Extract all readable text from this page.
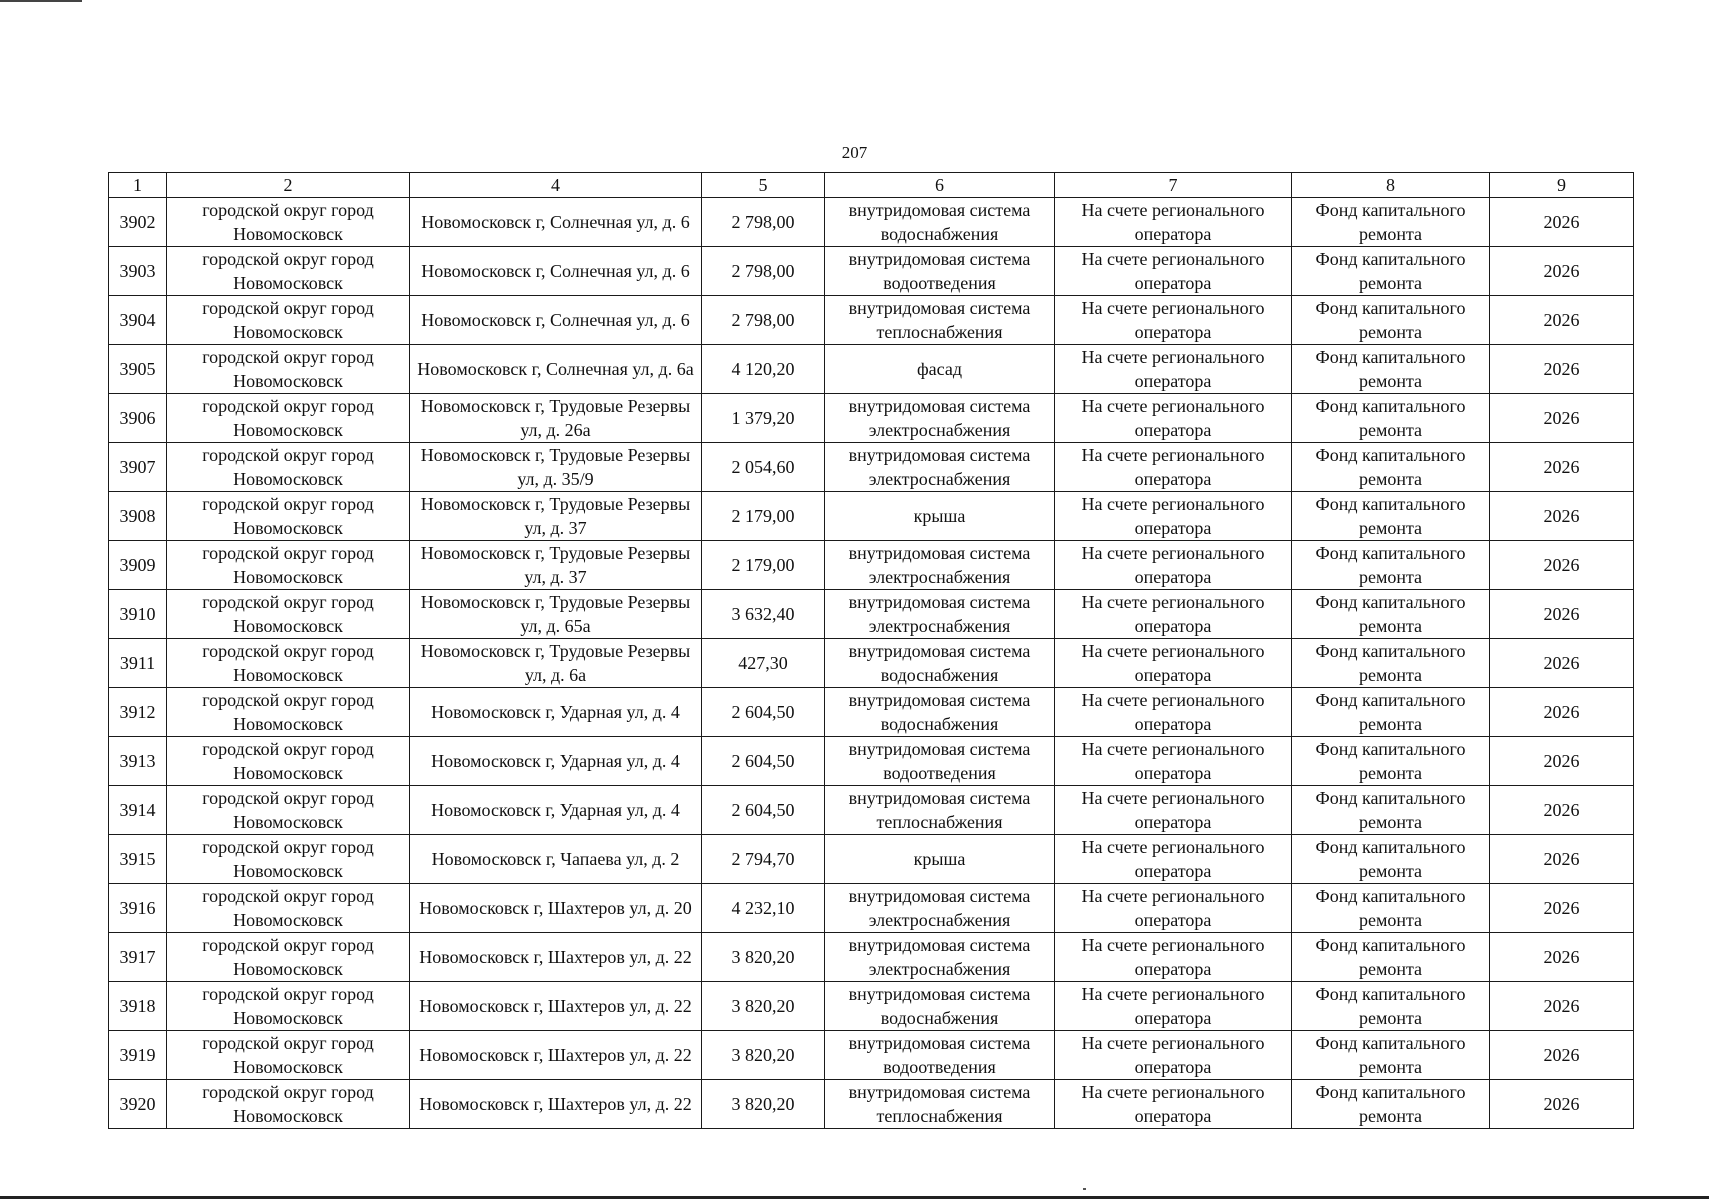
207
1	2	4	5	6	7	8	9
3902	городской округ город Новомосковск	Новомосковск г, Солнечная ул, д. 6	2 798,00	внутридомовая система водоснабжения	На счете регионального оператора	Фонд капитального ремонта	2026
3903	городской округ город Новомосковск	Новомосковск г, Солнечная ул, д. 6	2 798,00	внутридомовая система водоотведения	На счете регионального оператора	Фонд капитального ремонта	2026
3904	городской округ город Новомосковск	Новомосковск г, Солнечная ул, д. 6	2 798,00	внутридомовая система теплоснабжения	На счете регионального оператора	Фонд капитального ремонта	2026
3905	городской округ город Новомосковск	Новомосковск г, Солнечная ул, д. 6а	4 120,20	фасад	На счете регионального оператора	Фонд капитального ремонта	2026
3906	городской округ город Новомосковск	Новомосковск г, Трудовые Резервы ул, д. 26а	1 379,20	внутридомовая система электроснабжения	На счете регионального оператора	Фонд капитального ремонта	2026
3907	городской округ город Новомосковск	Новомосковск г, Трудовые Резервы ул, д. 35/9	2 054,60	внутридомовая система электроснабжения	На счете регионального оператора	Фонд капитального ремонта	2026
3908	городской округ город Новомосковск	Новомосковск г, Трудовые Резервы ул, д. 37	2 179,00	крыша	На счете регионального оператора	Фонд капитального ремонта	2026
3909	городской округ город Новомосковск	Новомосковск г, Трудовые Резервы ул, д. 37	2 179,00	внутридомовая система электроснабжения	На счете регионального оператора	Фонд капитального ремонта	2026
3910	городской округ город Новомосковск	Новомосковск г, Трудовые Резервы ул, д. 65а	3 632,40	внутридомовая система электроснабжения	На счете регионального оператора	Фонд капитального ремонта	2026
3911	городской округ город Новомосковск	Новомосковск г, Трудовые Резервы ул, д. 6а	427,30	внутридомовая система водоснабжения	На счете регионального оператора	Фонд капитального ремонта	2026
3912	городской округ город Новомосковск	Новомосковск г, Ударная ул, д. 4	2 604,50	внутридомовая система водоснабжения	На счете регионального оператора	Фонд капитального ремонта	2026
3913	городской округ город Новомосковск	Новомосковск г, Ударная ул, д. 4	2 604,50	внутридомовая система водоотведения	На счете регионального оператора	Фонд капитального ремонта	2026
3914	городской округ город Новомосковск	Новомосковск г, Ударная ул, д. 4	2 604,50	внутридомовая система теплоснабжения	На счете регионального оператора	Фонд капитального ремонта	2026
3915	городской округ город Новомосковск	Новомосковск г, Чапаева ул, д. 2	2 794,70	крыша	На счете регионального оператора	Фонд капитального ремонта	2026
3916	городской округ город Новомосковск	Новомосковск г, Шахтеров ул, д. 20	4 232,10	внутридомовая система электроснабжения	На счете регионального оператора	Фонд капитального ремонта	2026
3917	городской округ город Новомосковск	Новомосковск г, Шахтеров ул, д. 22	3 820,20	внутридомовая система электроснабжения	На счете регионального оператора	Фонд капитального ремонта	2026
3918	городской округ город Новомосковск	Новомосковск г, Шахтеров ул, д. 22	3 820,20	внутридомовая система водоснабжения	На счете регионального оператора	Фонд капитального ремонта	2026
3919	городской округ город Новомосковск	Новомосковск г, Шахтеров ул, д. 22	3 820,20	внутридомовая система водоотведения	На счете регионального оператора	Фонд капитального ремонта	2026
3920	городской округ город Новомосковск	Новомосковск г, Шахтеров ул, д. 22	3 820,20	внутридомовая система теплоснабжения	На счете регионального оператора	Фонд капитального ремонта	2026
